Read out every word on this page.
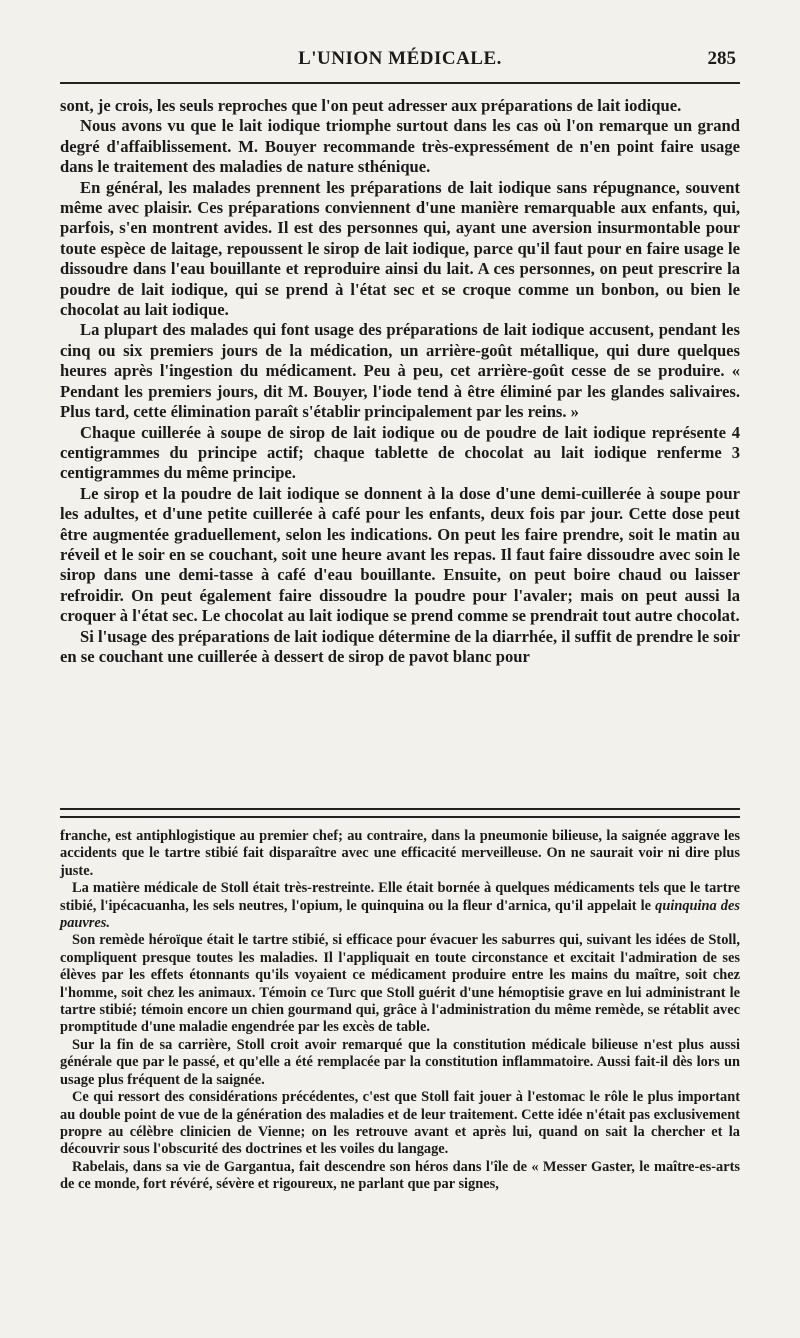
L'UNION MÉDICALE.	285

sont, je crois, les seuls reproches que l'on peut adresser aux préparations de lait iodique.

Nous avons vu que le lait iodique triomphe surtout dans les cas où l'on remarque un grand degré d'affaiblissement. M. Bouyer recommande très-expressément de n'en point faire usage dans le traitement des maladies de nature sthénique.

En général, les malades prennent les préparations de lait iodique sans répugnance, souvent même avec plaisir. Ces préparations conviennent d'une manière remarquable aux enfants, qui, parfois, s'en montrent avides. Il est des personnes qui, ayant une aversion insurmontable pour toute espèce de laitage, repoussent le sirop de lait iodique, parce qu'il faut pour en faire usage le dissoudre dans l'eau bouillante et reproduire ainsi du lait. A ces personnes, on peut prescrire la poudre de lait iodique, qui se prend à l'état sec et se croque comme un bonbon, ou bien le chocolat au lait iodique.

La plupart des malades qui font usage des préparations de lait iodique accusent, pendant les cinq ou six premiers jours de la médication, un arrière-goût métallique, qui dure quelques heures après l'ingestion du médicament. Peu à peu, cet arrière-goût cesse de se produire. « Pendant les premiers jours, dit M. Bouyer, l'iode tend à être éliminé par les glandes salivaires. Plus tard, cette élimination paraît s'établir principalement par les reins. »

Chaque cuillerée à soupe de sirop de lait iodique ou de poudre de lait iodique représente 4 centigrammes du principe actif; chaque tablette de chocolat au lait iodique renferme 3 centigrammes du même principe.

Le sirop et la poudre de lait iodique se donnent à la dose d'une demi-cuillerée à soupe pour les adultes, et d'une petite cuillerée à café pour les enfants, deux fois par jour. Cette dose peut être augmentée graduellement, selon les indications. On peut les faire prendre, soit le matin au réveil et le soir en se couchant, soit une heure avant les repas. Il faut faire dissoudre avec soin le sirop dans une demi-tasse à café d'eau bouillante. Ensuite, on peut boire chaud ou laisser refroidir. On peut également faire dissoudre la poudre pour l'avaler; mais on peut aussi la croquer à l'état sec. Le chocolat au lait iodique se prend comme se prendrait tout autre chocolat.

Si l'usage des préparations de lait iodique détermine de la diarrhée, il suffit de prendre le soir en se couchant une cuillerée à dessert de sirop de pavot blanc pour

franche, est antiphlogistique au premier chef; au contraire, dans la pneumonie bilieuse, la saignée aggrave les accidents que le tartre stibié fait disparaître avec une efficacité merveilleuse. On ne saurait voir ni dire plus juste.

La matière médicale de Stoll était très-restreinte. Elle était bornée à quelques médicaments tels que le tartre stibié, l'ipécacuanha, les sels neutres, l'opium, le quinquina ou la fleur d'arnica, qu'il appelait le quinquina des pauvres.

Son remède héroïque était le tartre stibié, si efficace pour évacuer les saburres qui, suivant les idées de Stoll, compliquent presque toutes les maladies. Il l'appliquait en toute circonstance et excitait l'admiration de ses élèves par les effets étonnants qu'ils voyaient ce médicament produire entre les mains du maître, soit chez l'homme, soit chez les animaux. Témoin ce Turc que Stoll guérit d'une hémoptisie grave en lui administrant le tartre stibié; témoin encore un chien gourmand qui, grâce à l'administration du même remède, se rétablit avec promptitude d'une maladie engendrée par les excès de table.

Sur la fin de sa carrière, Stoll croit avoir remarqué que la constitution médicale bilieuse n'est plus aussi générale que par le passé, et qu'elle a été remplacée par la constitution inflammatoire. Aussi fait-il dès lors un usage plus fréquent de la saignée.

Ce qui ressort des considérations précédentes, c'est que Stoll fait jouer à l'estomac le rôle le plus important au double point de vue de la génération des maladies et de leur traitement. Cette idée n'était pas exclusivement propre au célèbre clinicien de Vienne; on les retrouve avant et après lui, quand on sait la chercher et la découvrir sous l'obscurité des doctrines et les voiles du langage.

Rabelais, dans sa vie de Gargantua, fait descendre son héros dans l'île de « Messer Gaster, le maître-es-arts de ce monde, fort révéré, sévère et rigoureux, ne parlant que par signes,
